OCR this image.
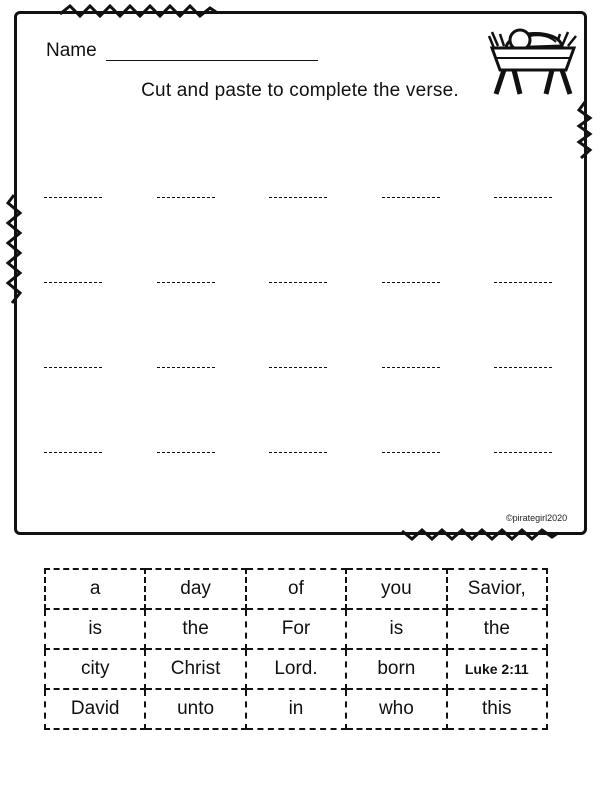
Name
Cut and paste to complete the verse.
©pirategirl2020
a	day	of	you	Savior,
is	the	For	is	the
city	Christ	Lord.	born	Luke 2:11
David	unto	in	who	this
